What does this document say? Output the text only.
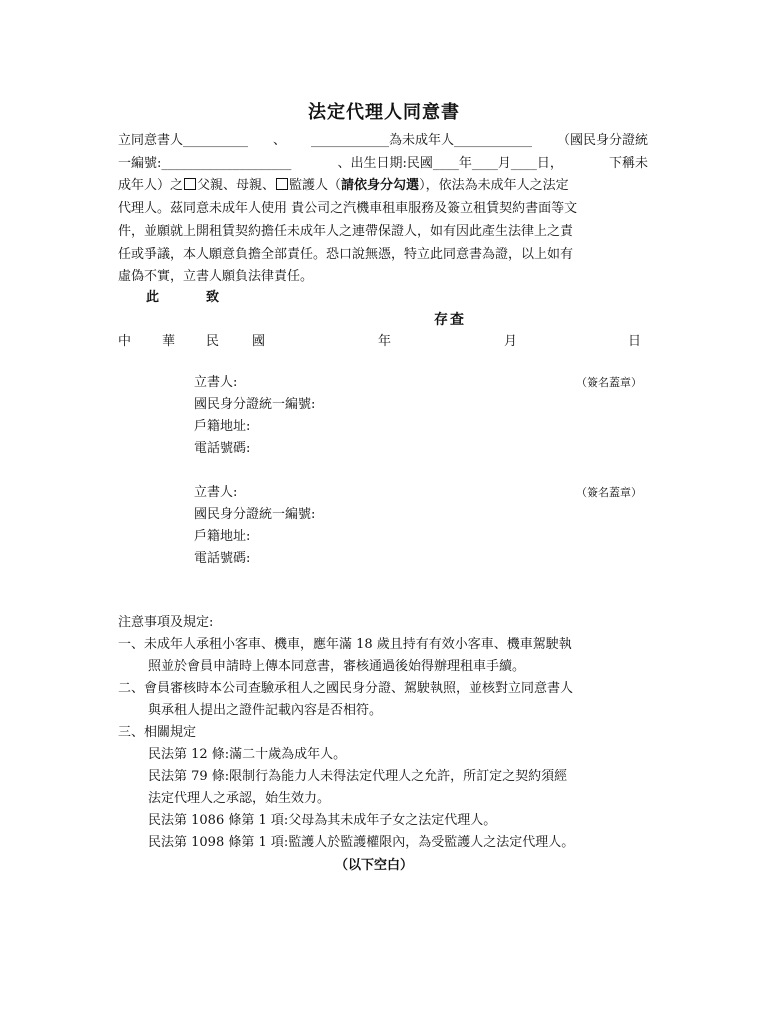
法定代理人同意書
立同意書人__________ 、 ____________為未成年人____________ （國民身分證統
一編號:____________________	、出生日期:民國____年____月____日，	下稱未
成年人）之 父親、母親、 監護人（請依身分勾選），依法為未成年人之法定
代理人。茲同意未成年人使用 貴公司之汽機車租車服務及簽立租賃契約書面等文
件，並願就上開租賃契約擔任未成年人之連帶保證人，如有因此產生法律上之責
任或爭議，本人願意負擔全部責任。恐口說無憑，特立此同意書為證，以上如有
虛偽不實，立書人願負法律責任。
此	致
存查
中 華 民	國	年	月	日
立書人:	（簽名蓋章）
國民身分證統一編號:
戶籍地址:
電話號碼:
立書人:	（簽名蓋章）
國民身分證統一編號:
戶籍地址:
電話號碼:
注意事項及規定:
一、未成年人承租小客車、機車，應年滿 18 歲且持有有效小客車、機車駕駛執
照並於會員申請時上傳本同意書，審核通過後始得辦理租車手續。
二、會員審核時本公司查驗承租人之國民身分證、駕駛執照，並核對立同意書人
與承租人提出之證件記載內容是否相符。
三、相關規定
民法第 12 條:滿二十歲為成年人。
民法第 79 條:限制行為能力人未得法定代理人之允許，所訂定之契約須經
法定代理人之承認，始生效力。
民法第 1086 條第 1 項:父母為其未成年子女之法定代理人。
民法第 1098 條第 1 項:監護人於監護權限內，為受監護人之法定代理人。
（以下空白）
